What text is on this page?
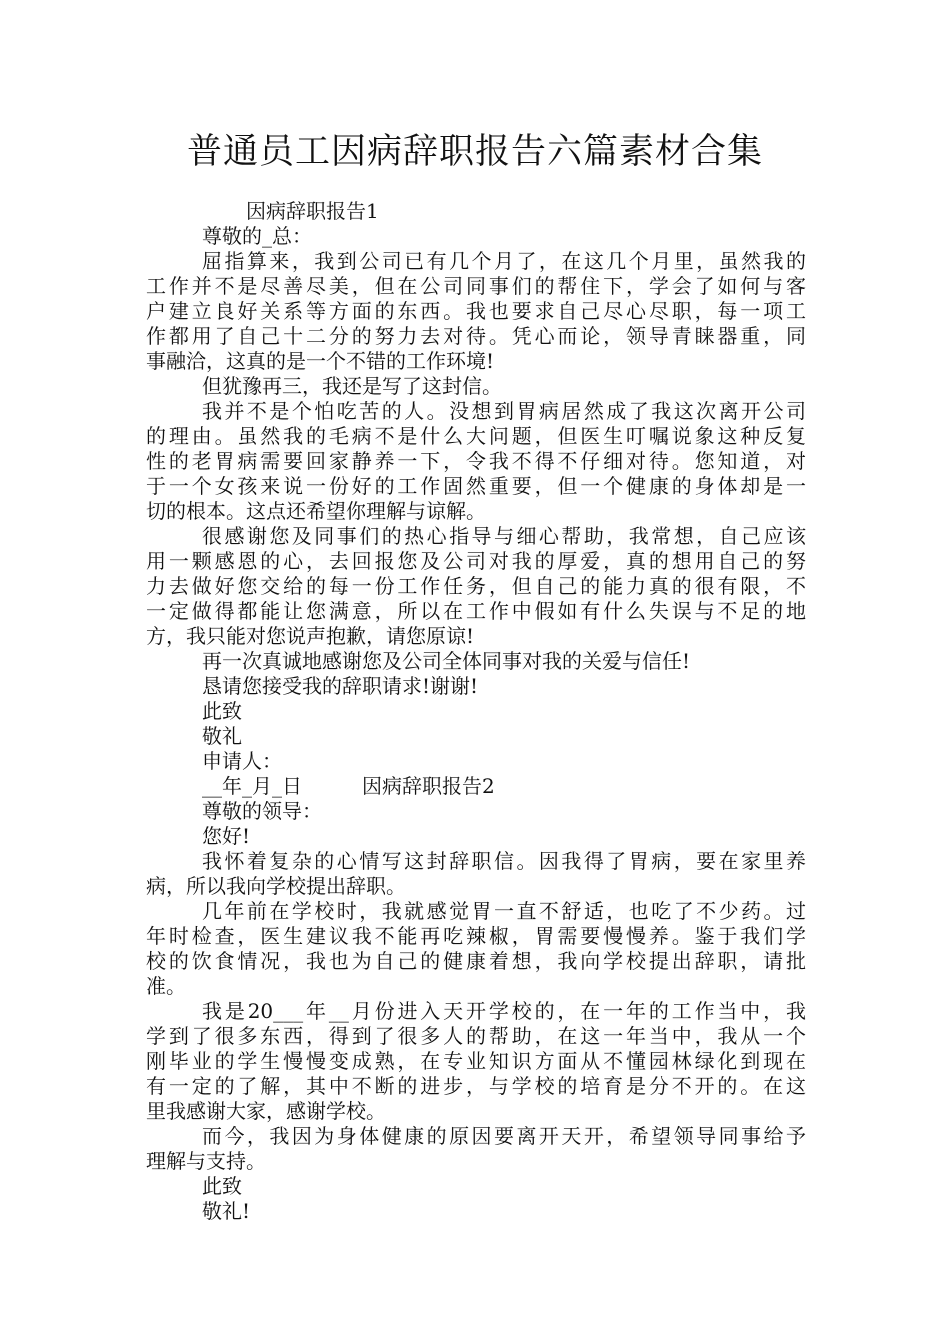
普通员工因病辞职报告六篇素材合集
因病辞职报告1
尊敬的_总：
屈指算来，我到公司已有几个月了，在这几个月里，虽然我的
工作并不是尽善尽美，但在公司同事们的帮住下，学会了如何与客
户建立良好关系等方面的东西。我也要求自己尽心尽职，每一项工
作都用了自己十二分的努力去对待。凭心而论，领导青睐器重，同
事融洽，这真的是一个不错的工作环境!
但犹豫再三，我还是写了这封信。
我并不是个怕吃苦的人。没想到胃病居然成了我这次离开公司
的理由。虽然我的毛病不是什么大问题，但医生叮嘱说象这种反复
性的老胃病需要回家静养一下，令我不得不仔细对待。您知道，对
于一个女孩来说一份好的工作固然重要，但一个健康的身体却是一
切的根本。这点还希望你理解与谅解。
很感谢您及同事们的热心指导与细心帮助，我常想，自己应该
用一颗感恩的心，去回报您及公司对我的厚爱，真的想用自己的努
力去做好您交给的每一份工作任务，但自己的能力真的很有限，不
一定做得都能让您满意，所以在工作中假如有什么失误与不足的地
方，我只能对您说声抱歉，请您原谅!
再一次真诚地感谢您及公司全体同事对我的关爱与信任!
恳请您接受我的辞职请求!谢谢!
此致
敬礼
申请人：
__年_月_日	因病辞职报告2
尊敬的领导：
您好!
我怀着复杂的心情写这封辞职信。因我得了胃病，要在家里养
病，所以我向学校提出辞职。
几年前在学校时，我就感觉胃一直不舒适，也吃了不少药。过
年时检查，医生建议我不能再吃辣椒，胃需要慢慢养。鉴于我们学
校的饮食情况，我也为自己的健康着想，我向学校提出辞职，请批
准。
我是20___年__月份进入天开学校的，在一年的工作当中，我
学到了很多东西，得到了很多人的帮助，在这一年当中，我从一个
刚毕业的学生慢慢变成熟，在专业知识方面从不懂园林绿化到现在
有一定的了解，其中不断的进步，与学校的培育是分不开的。在这
里我感谢大家，感谢学校。
而今，我因为身体健康的原因要离开天开，希望领导同事给予
理解与支持。
此致
敬礼!
